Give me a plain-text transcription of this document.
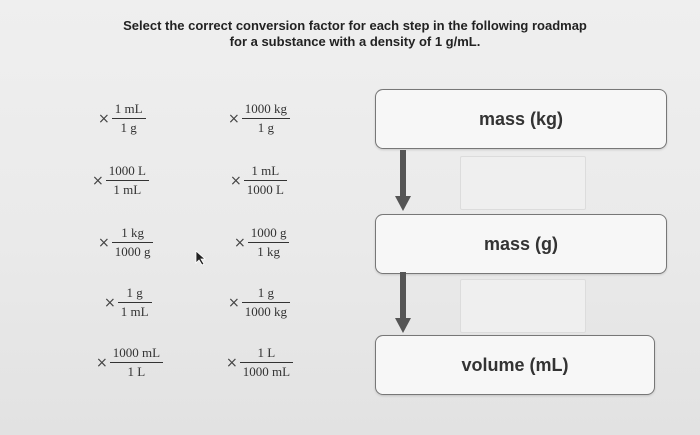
Select the correct conversion factor for each step in the following roadmap
for a substance with a density of 1 g/mL.
× $\frac{1 mL}{1 g}$
× $\frac{1000 L}{1 mL}$
× $\frac{1 kg}{1000 g}$
× $\frac{1 g}{1 mL}$
× $\frac{1000 mL}{1 L}$
× $\frac{1000 kg}{1 g}$
× $\frac{1 mL}{1000 L}$
× $\frac{1000 g}{1 kg}$
× $\frac{1 g}{1000 kg}$
× $\frac{1 L}{1000 mL}$
mass (kg)
mass (g)
volume (mL)
